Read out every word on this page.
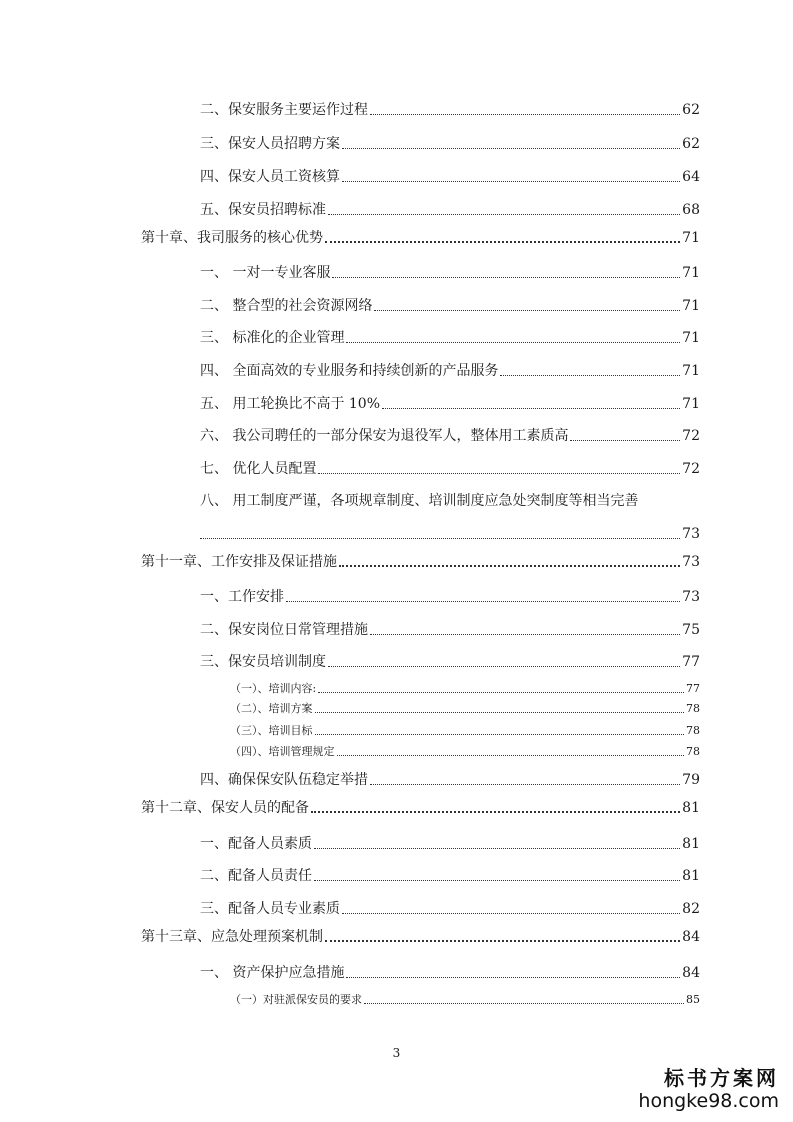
二、保安服务主要运作过程	62
三、保安人员招聘方案	62
四、保安人员工资核算	64
五、保安员招聘标准	68
第十章、我司服务的核心优势	71
一、 一对一专业客服	71
二、 整合型的社会资源网络	71
三、 标准化的企业管理	71
四、 全面高效的专业服务和持续创新的产品服务	71
五、 用工轮换比不高于 10%	71
六、 我公司聘任的一部分保安为退役军人，整体用工素质高	72
七、 优化人员配置	72
八、 用工制度严谨，各项规章制度、培训制度应急处突制度等相当完善
73
第十一章、工作安排及保证措施	73
一、工作安排	73
二、保安岗位日常管理措施	75
三、保安员培训制度	77
（一）、培训内容:	77
（二）、培训方案	78
（三）、培训目标	78
（四）、培训管理规定	78
四、确保保安队伍稳定举措	79
第十二章、保安人员的配备	81
一、配备人员素质	81
二、配备人员责任	81
三、配备人员专业素质	82
第十三章、应急处理预案机制	84
一、 资产保护应急措施	84
（一）对驻派保安员的要求	85
3
标书方案网
hongke98.com
